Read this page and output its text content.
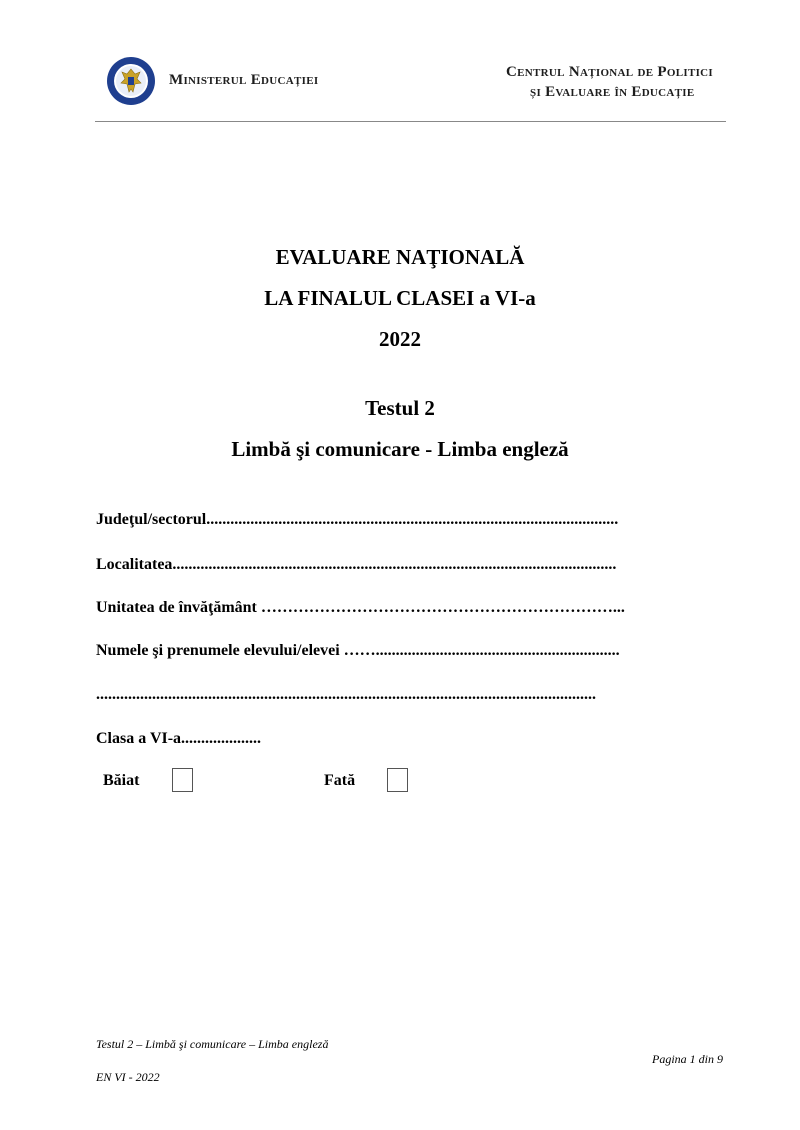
Ministerul Educației	Centrul Național de Politici
și Evaluare în Educație
EVALUARE NAŢIONALĂ
LA FINALUL CLASEI a VI-a
2022
Testul 2
Limbă şi comunicare - Limba engleză
Judeţul/sectorul.......................................................................................................
Localitatea...............................................................................................................
Unitatea de învăţământ …………………………………………………………...
Numele şi prenumele elevului/elevei …….............................................................
.............................................................................................................................
Clasa a VI-a....................
Băiat	Fată
Testul 2 – Limbă şi comunicare – Limba engleză
Pagina 1 din 9
EN VI - 2022
